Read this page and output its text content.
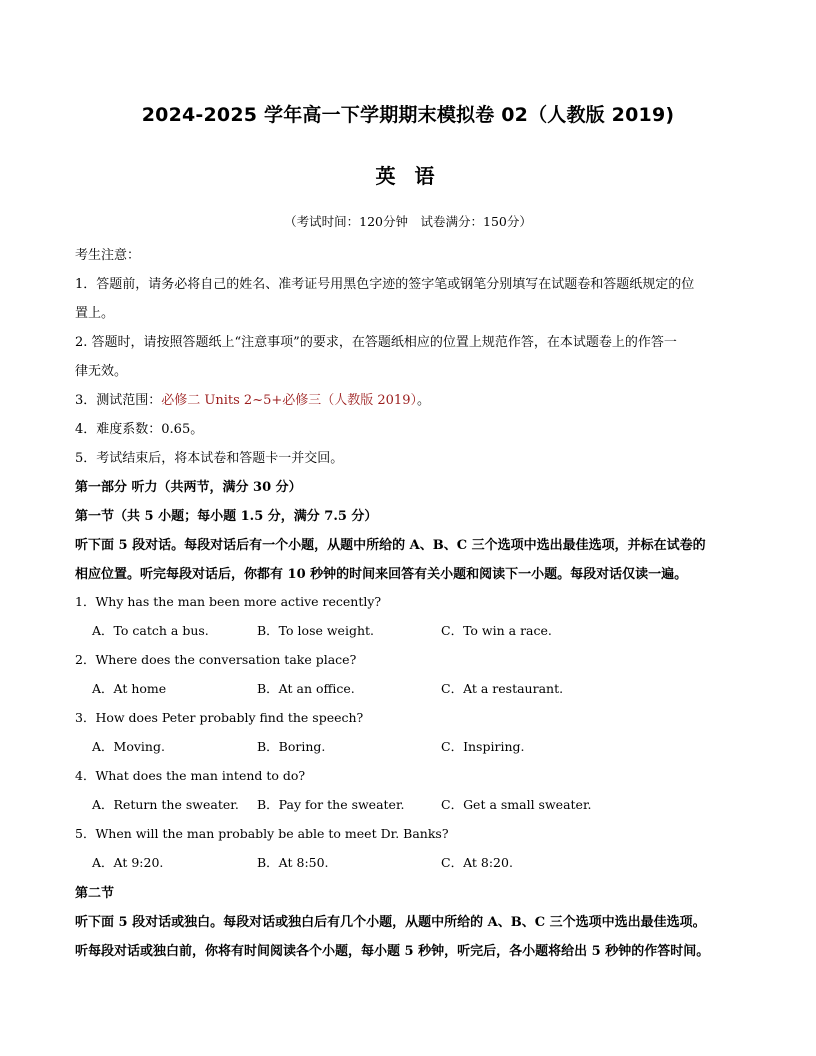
2024-2025 学年高一下学期期末模拟卷 02（人教版 2019)
英 语
（考试时间：120分钟　试卷满分：150分）
考生注意：
1．答题前，请务必将自己的姓名、准考证号用黑色字迹的签字笔或钢笔分别填写在试题卷和答题纸规定的位
置上。
2. 答题时，请按照答题纸上“注意事项”的要求，在答题纸相应的位置上规范作答，在本试题卷上的作答一
律无效。
3．测试范围：必修二 Units 2~5+必修三（人教版 2019）。
4．难度系数：0.65。
5．考试结束后，将本试卷和答题卡一并交回。
第一部分 听力（共两节，满分 30 分）
第一节（共 5 小题；每小题 1.5 分，满分 7.5 分）
听下面 5 段对话。每段对话后有一个小题，从题中所给的 A、B、C 三个选项中选出最佳选项，并标在试卷的
相应位置。听完每段对话后，你都有 10 秒钟的时间来回答有关小题和阅读下一小题。每段对话仅读一遍。
1．Why has the man been more active recently?
A．To catch a bus.	B．To lose weight.	C．To win a race.
2．Where does the conversation take place?
A．At home	B．At an office.	C．At a restaurant.
3．How does Peter probably find the speech?
A．Moving.	B．Boring.	C．Inspiring.
4．What does the man intend to do?
A．Return the sweater. B．Pay for the sweater.	C．Get a small sweater.
5．When will the man probably be able to meet Dr. Banks?
A．At 9:20.	B．At 8:50.	C．At 8:20.
第二节
听下面 5 段对话或独白。每段对话或独白后有几个小题，从题中所给的 A、B、C 三个选项中选出最佳选项。
听每段对话或独白前，你将有时间阅读各个小题，每小题 5 秒钟，听完后，各小题将给出 5 秒钟的作答时间。
